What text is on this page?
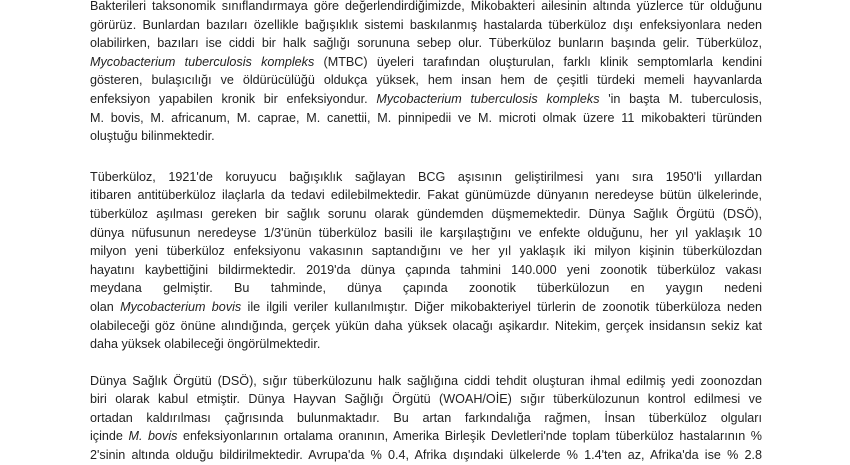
Bakterileri taksonomik sınıflandırmaya göre değerlendirdiğimizde, Mikobakteri ailesinin altında yüzlerce tür olduğunu
görürüz. Bunlardan bazıları özellikle bağışıklık sistemi baskılanmış hastalarda tüberküloz dışı enfeksiyonlara neden
olabilirken, bazıları ise ciddi bir halk sağlığı sorununa sebep olur. Tüberküloz bunların başında gelir. Tüberküloz,
Mycobacterium tuberculosis kompleks (MTBC) üyeleri tarafından oluşturulan, farklı klinik semptomlarla kendini
gösteren, bulaşıcılığı ve öldürücülüğü oldukça yüksek, hem insan hem de çeşitli türdeki memeli hayvanlarda
enfeksiyon yapabilen kronik bir enfeksiyondur. Mycobacterium tuberculosis kompleks 'in başta M. tuberculosis,
M. bovis, M. africanum, M. caprae, M. canettii, M. pinnipedii ve M. microti olmak üzere 11 mikobakteri türünden
oluştuğu bilinmektedir.

Tüberküloz, 1921'de koruyucu bağışıklık sağlayan BCG aşısının geliştirilmesi yanı sıra 1950'li yıllardan
itibaren antitüberküloz ilaçlarla da tedavi edilebilmektedir. Fakat günümüzde dünyanın neredeyse bütün ülkelerinde,
tüberküloz aşılması gereken bir sağlık sorunu olarak gündemden düşmemektedir. Dünya Sağlık Örgütü (DSÖ),
dünya nüfusunun neredeyse 1/3'ünün tüberküloz basili ile karşılaştığını ve enfekte olduğunu, her yıl yaklaşık 10
milyon yeni tüberküloz enfeksiyonu vakasının saptandığını ve her yıl yaklaşık iki milyon kişinin tüberkülozdan
hayatını kaybettiğini bildirmektedir. 2019'da dünya çapında tahmini 140.000 yeni zoonotik tüberküloz vakası
meydana gelmiştir. Bu tahminde, dünya çapında zoonotik tüberkülozun en yaygın nedeni
olan Mycobacterium bovis ile ilgili veriler kullanılmıştır. Diğer mikobakteriyel türlerin de zoonotik tüberküloza neden
olabileceği göz önüne alındığında, gerçek yükün daha yüksek olacağı aşikardır. Nitekim, gerçek insidansın sekiz kat
daha yüksek olabileceği öngörülmektedir.

Dünya Sağlık Örgütü (DSÖ), sığır tüberkülozunu halk sağlığına ciddi tehdit oluşturan ihmal edilmiş yedi zoonozdan
biri olarak kabul etmiştir. Dünya Hayvan Sağlığı Örgütü (WOAH/OİE) sığır tüberkülozunun kontrol edilmesi ve
ortadan kaldırılması çağrısında bulunmaktadır. Bu artan farkındalığa rağmen, İnsan tüberküloz olguları
içinde M. bovis enfeksiyonlarının ortalama oranının, Amerika Birleşik Devletleri'nde toplam tüberküloz hastalarının %
2'sinin altında olduğu bildirilmektedir. Avrupa'da % 0.4, Afrika dışındaki ülkelerde % 1.4'ten az, Afrika'da ise % 2.8
